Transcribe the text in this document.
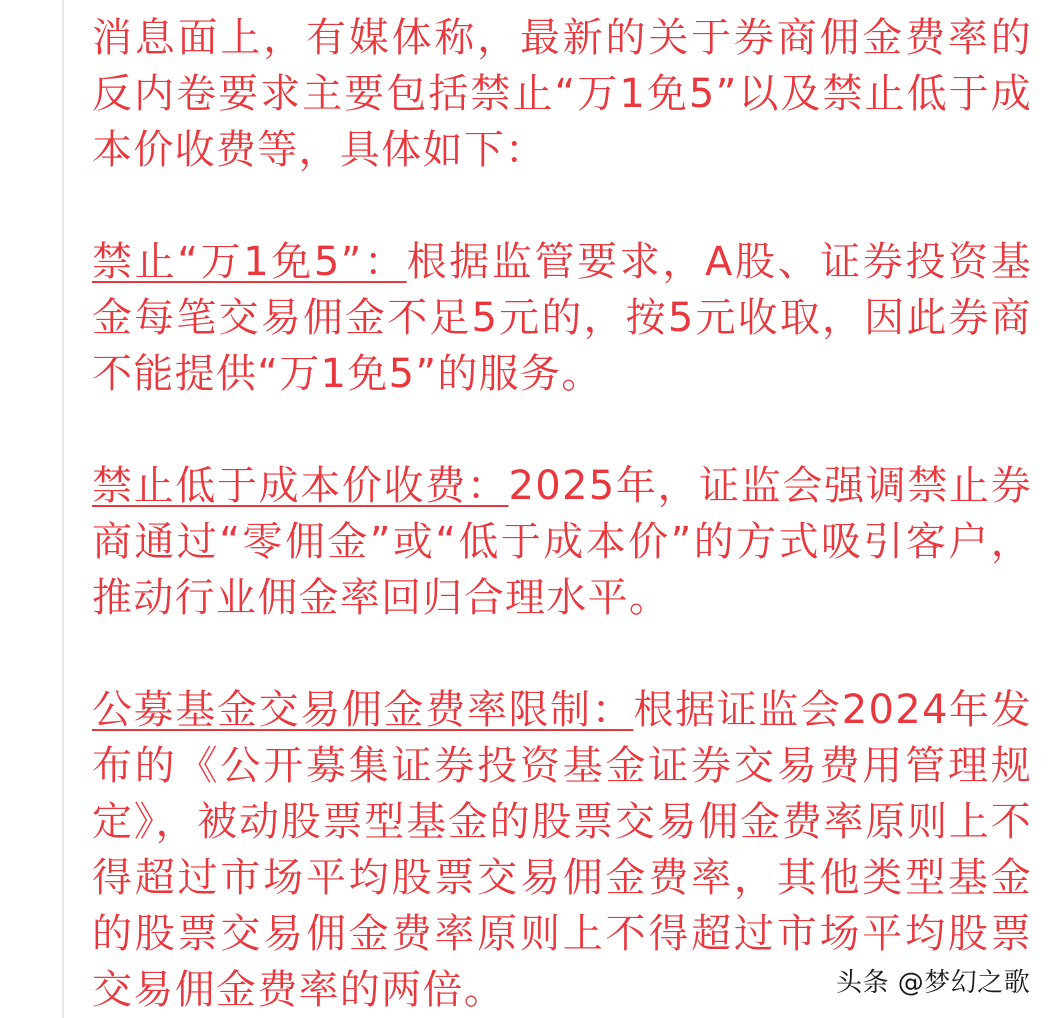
消息面上，有媒体称，最新的关于券商佣金费率的反内卷要求主要包括禁止“万1免5”以及禁止低于成本价收费等，具体如下：

禁止“万1免5”：根据监管要求，A股、证券投资基金每笔交易佣金不足5元的，按5元收取，因此券商不能提供“万1免5”的服务。

禁止低于成本价收费：2025年，证监会强调禁止券商通过“零佣金”或“低于成本价”的方式吸引客户，推动行业佣金率回归合理水平。

公募基金交易佣金费率限制：根据证监会2024年发布的《公开募集证券投资基金证券交易费用管理规定》，被动股票型基金的股票交易佣金费率原则上不得超过市场平均股票交易佣金费率，其他类型基金的股票交易佣金费率原则上不得超过市场平均股票交易佣金费率的两倍。	头条 @梦幻之歌
